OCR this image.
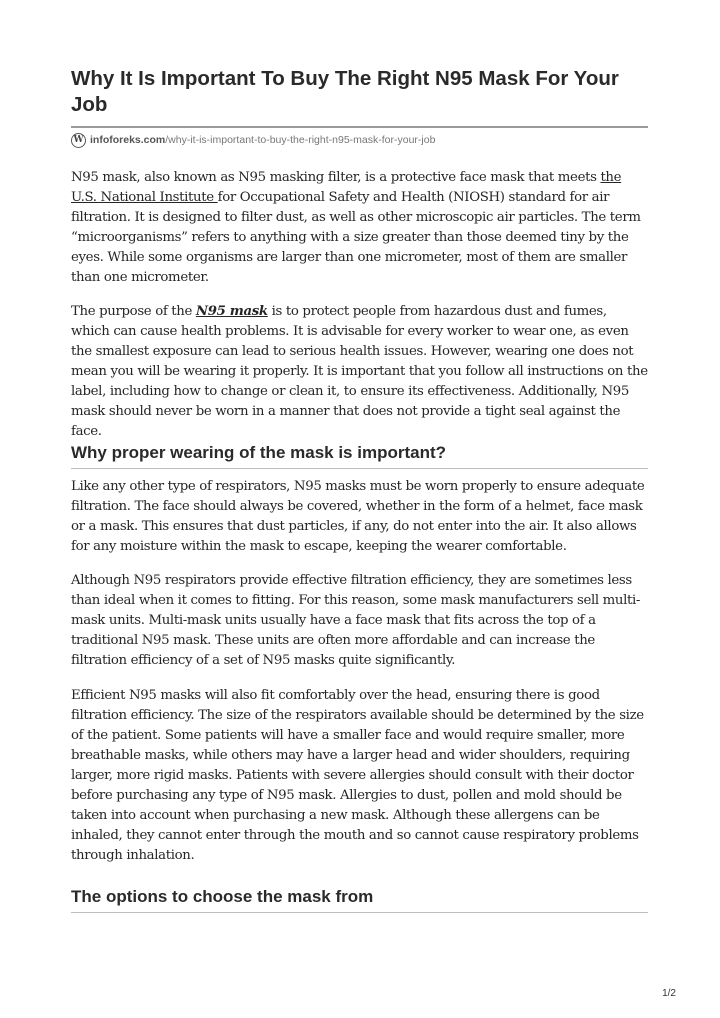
Why It Is Important To Buy The Right N95 Mask For Your Job
W infoforeks.com /why-it-is-important-to-buy-the-right-n95-mask-for-your-job

N95 mask, also known as N95 masking filter, is a protective face mask that meets the U.S. National Institute for Occupational Safety and Health (NIOSH) standard for air filtration. It is designed to filter dust, as well as other microscopic air particles. The term “microorganisms” refers to anything with a size greater than those deemed tiny by the eyes. While some organisms are larger than one micrometer, most of them are smaller than one micrometer.

The purpose of the N95 mask is to protect people from hazardous dust and fumes, which can cause health problems. It is advisable for every worker to wear one, as even the smallest exposure can lead to serious health issues. However, wearing one does not mean you will be wearing it properly. It is important that you follow all instructions on the label, including how to change or clean it, to ensure its effectiveness. Additionally, N95 mask should never be worn in a manner that does not provide a tight seal against the face.

Why proper wearing of the mask is important?

Like any other type of respirators, N95 masks must be worn properly to ensure adequate filtration. The face should always be covered, whether in the form of a helmet, face mask or a mask. This ensures that dust particles, if any, do not enter into the air. It also allows for any moisture within the mask to escape, keeping the wearer comfortable.

Although N95 respirators provide effective filtration efficiency, they are sometimes less than ideal when it comes to fitting. For this reason, some mask manufacturers sell multi-mask units. Multi-mask units usually have a face mask that fits across the top of a traditional N95 mask. These units are often more affordable and can increase the filtration efficiency of a set of N95 masks quite significantly.

Efficient N95 masks will also fit comfortably over the head, ensuring there is good filtration efficiency. The size of the respirators available should be determined by the size of the patient. Some patients will have a smaller face and would require smaller, more breathable masks, while others may have a larger head and wider shoulders, requiring larger, more rigid masks. Patients with severe allergies should consult with their doctor before purchasing any type of N95 mask. Allergies to dust, pollen and mold should be taken into account when purchasing a new mask. Although these allergens can be inhaled, they cannot enter through the mouth and so cannot cause respiratory problems through inhalation.

The options to choose the mask from
1/2
